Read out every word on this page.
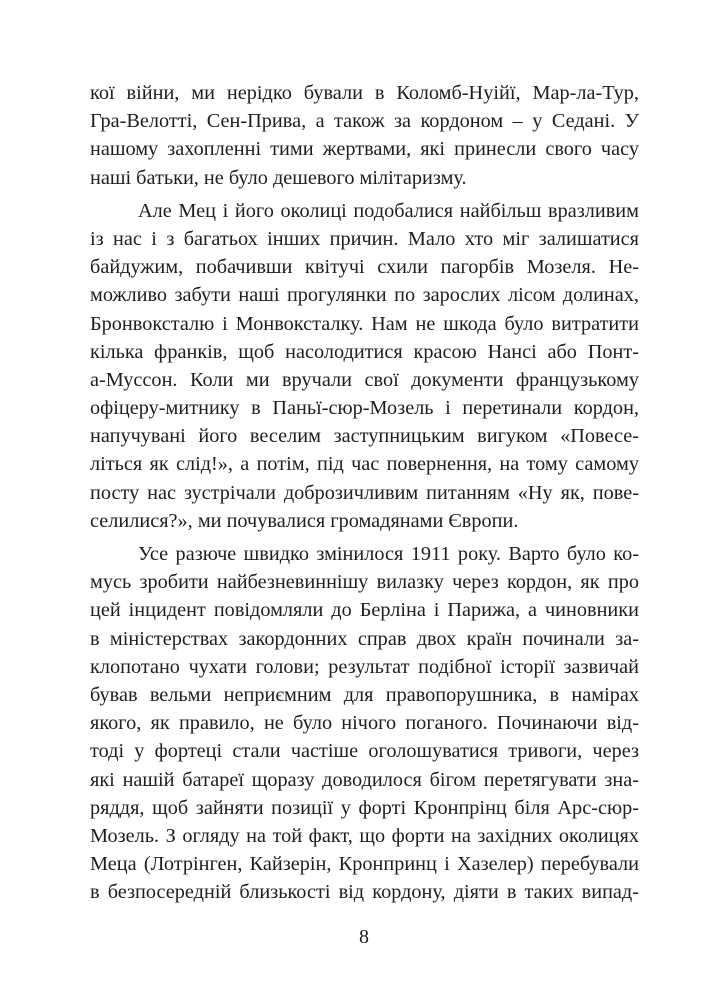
кої війни, ми нерідко бували в Коломб-Нуійї, Мар-ла-Тур,
Гра-Велотті, Сен-Прива, а також за кордоном – у Седані. У
нашому захопленні тими жертвами, які принесли свого часу
наші батьки, не було дешевого мілітаризму.
Але Мец і його околиці подобалися найбільш вразливим
із нас і з багатьох інших причин. Мало хто міг залишатися
байдужим, побачивши квітучі схили пагорбів Мозеля. Не-
можливо забути наші прогулянки по зарослих лісом долинах,
Бронвоксталю і Монвоксталку. Нам не шкода було витратити
кілька франків, щоб насолодитися красою Нансі або Понт-
а-Муссон. Коли ми вручали свої документи французькому
офіцеру-митнику в Паньї-сюр-Мозель і перетинали кордон,
напучувані його веселим заступницьким вигуком «Повесе-
літься як слід!», а потім, під час повернення, на тому самому
посту нас зустрічали доброзичливим питанням «Ну як, пове-
селилися?», ми почувалися громадянами Європи.
Усе разюче швидко змінилося 1911 року. Варто було ко-
мусь зробити найбезневиннішу вилазку через кордон, як про
цей інцидент повідомляли до Берліна і Парижа, а чиновники
в міністерствах закордонних справ двох країн починали за-
клопотано чухати голови; результат подібної історії зазвичай
бував вельми неприємним для правопорушника, в намірах
якого, як правило, не було нічого поганого. Починаючи від-
тоді у фортеці стали частіше оголошуватися тривоги, через
які нашій батареї щоразу доводилося бігом перетягувати зна-
ряддя, щоб зайняти позиції у форті Кронпрінц біля Арс-сюр-
Мозель. З огляду на той факт, що форти на західних околицях
Меца (Лотрінген, Кайзерін, Кронпринц і Хазелер) перебували
в безпосередній близькості від кордону, діяти в таких випад-
8
